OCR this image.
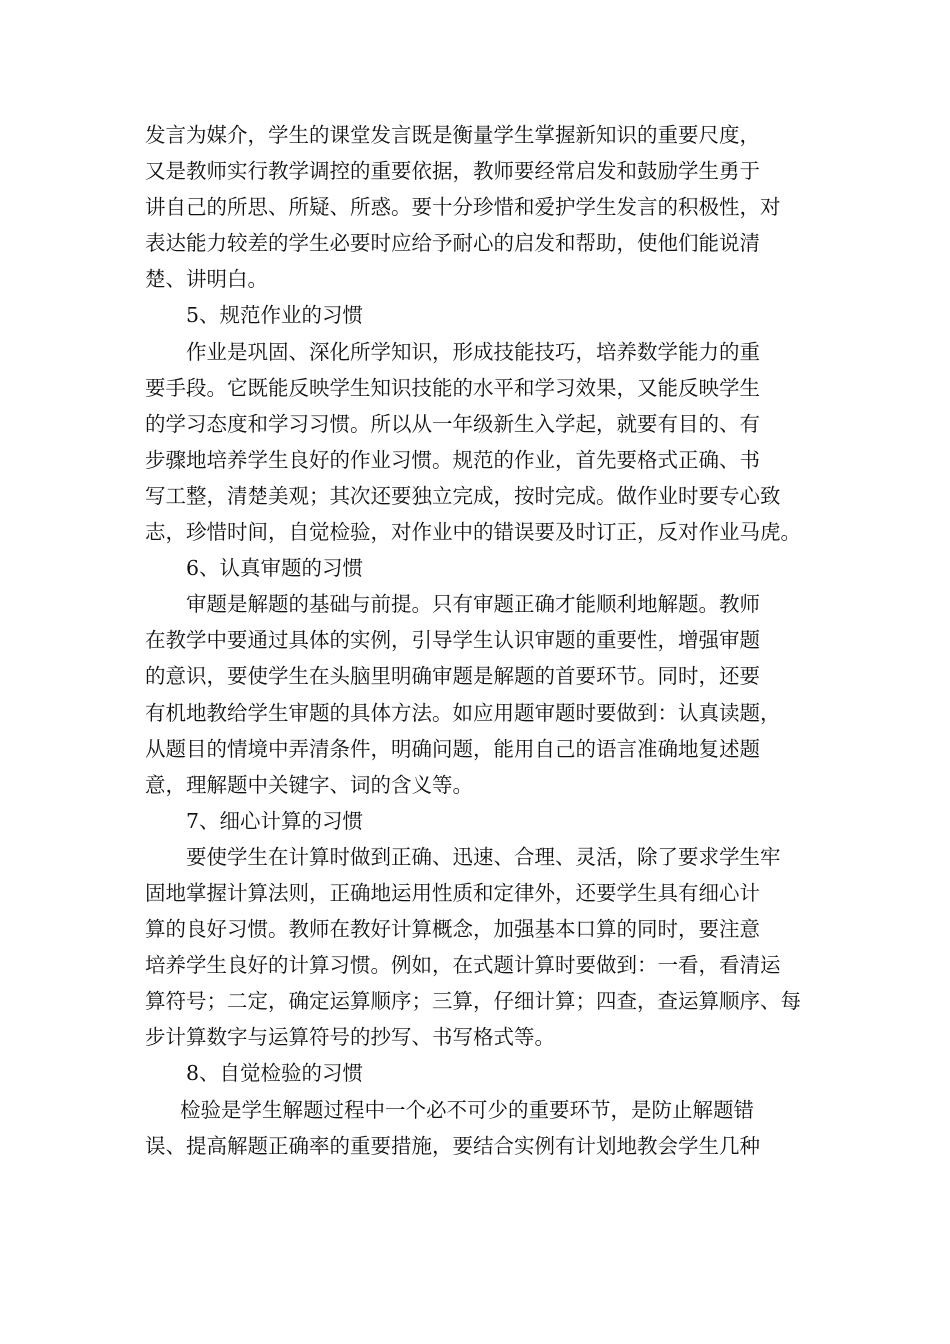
发言为媒介，学生的课堂发言既是衡量学生掌握新知识的重要尺度，
又是教师实行教学调控的重要依据，教师要经常启发和鼓励学生勇于
讲自己的所思、所疑、所惑。要十分珍惜和爱护学生发言的积极性，对
表达能力较差的学生必要时应给予耐心的启发和帮助，使他们能说清
楚、讲明白。
5、规范作业的习惯
作业是巩固、深化所学知识，形成技能技巧，培养数学能力的重
要手段。它既能反映学生知识技能的水平和学习效果，又能反映学生
的学习态度和学习习惯。所以从一年级新生入学起，就要有目的、有
步骤地培养学生良好的作业习惯。规范的作业，首先要格式正确、书
写工整，清楚美观；其次还要独立完成，按时完成。做作业时要专心致
志，珍惜时间，自觉检验，对作业中的错误要及时订正，反对作业马虎。
6、认真审题的习惯
审题是解题的基础与前提。只有审题正确才能顺利地解题。教师
在教学中要通过具体的实例，引导学生认识审题的重要性，增强审题
的意识，要使学生在头脑里明确审题是解题的首要环节。同时，还要
有机地教给学生审题的具体方法。如应用题审题时要做到：认真读题，
从题目的情境中弄清条件，明确问题，能用自己的语言准确地复述题
意，理解题中关键字、词的含义等。
7、细心计算的习惯
要使学生在计算时做到正确、迅速、合理、灵活，除了要求学生牢
固地掌握计算法则，正确地运用性质和定律外，还要学生具有细心计
算的良好习惯。教师在教好计算概念，加强基本口算的同时，要注意
培养学生良好的计算习惯。例如，在式题计算时要做到：一看，看清运
算符号；二定，确定运算顺序；三算，仔细计算；四查，查运算顺序、每
步计算数字与运算符号的抄写、书写格式等。
8、自觉检验的习惯
检验是学生解题过程中一个必不可少的重要环节，是防止解题错
误、提高解题正确率的重要措施，要结合实例有计划地教会学生几种
